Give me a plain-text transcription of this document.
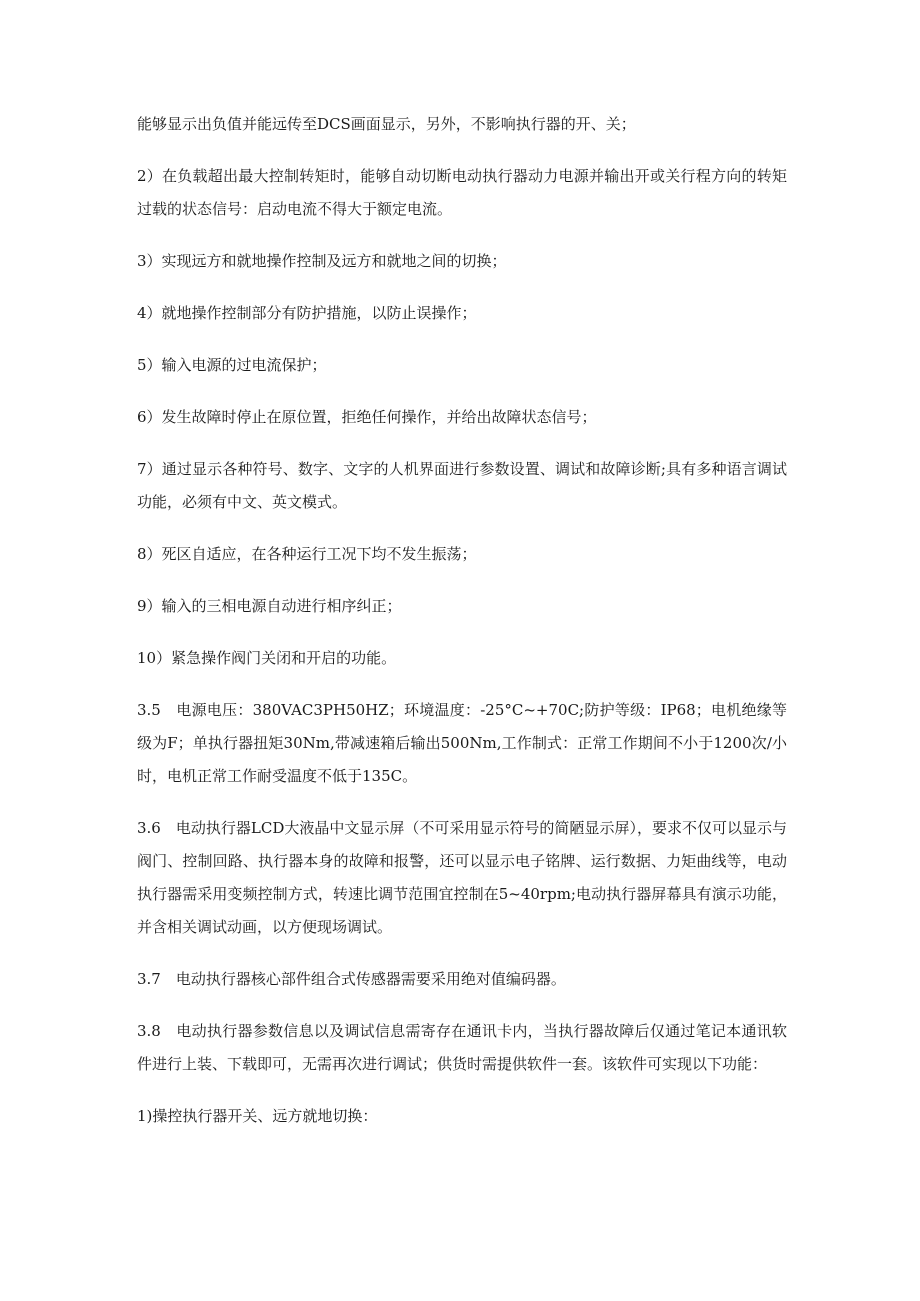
能够显示出负值并能远传至DCS画面显示，另外，不影响执行器的开、关；

2）在负载超出最大控制转矩时，能够自动切断电动执行器动力电源并输出开或关行程方向的转矩过载的状态信号：启动电流不得大于额定电流。

3）实现远方和就地操作控制及远方和就地之间的切换；

4）就地操作控制部分有防护措施，以防止误操作；

5）输入电源的过电流保护；

6）发生故障时停止在原位置，拒绝任何操作，并给出故障状态信号；

7）通过显示各种符号、数字、文字的人机界面进行参数设置、调试和故障诊断;具有多种语言调试功能，必须有中文、英文模式。

8）死区自适应，在各种运行工况下均不发生振荡；

9）输入的三相电源自动进行相序纠正；

10）紧急操作阀门关闭和开启的功能。

3.5　电源电压：380VAC3PH50HZ；环境温度：-25°C~+70C;防护等级：IP68；电机绝缘等级为F；单执行器扭矩30Nm,带减速箱后输出500Nm,工作制式：正常工作期间不小于1200次/小时，电机正常工作耐受温度不低于135C。

3.6　电动执行器LCD大液晶中文显示屏（不可采用显示符号的简陋显示屏），要求不仅可以显示与阀门、控制回路、执行器本身的故障和报警，还可以显示电子铭牌、运行数据、力矩曲线等，电动执行器需采用变频控制方式，转速比调节范围宜控制在5~40rpm;电动执行器屏幕具有演示功能，并含相关调试动画，以方便现场调试。

3.7　电动执行器核心部件组合式传感器需要采用绝对值编码器。

3.8　电动执行器参数信息以及调试信息需寄存在通讯卡内，当执行器故障后仅通过笔记本通讯软件进行上装、下载即可，无需再次进行调试；供货时需提供软件一套。该软件可实现以下功能：

1)操控执行器开关、远方就地切换：
